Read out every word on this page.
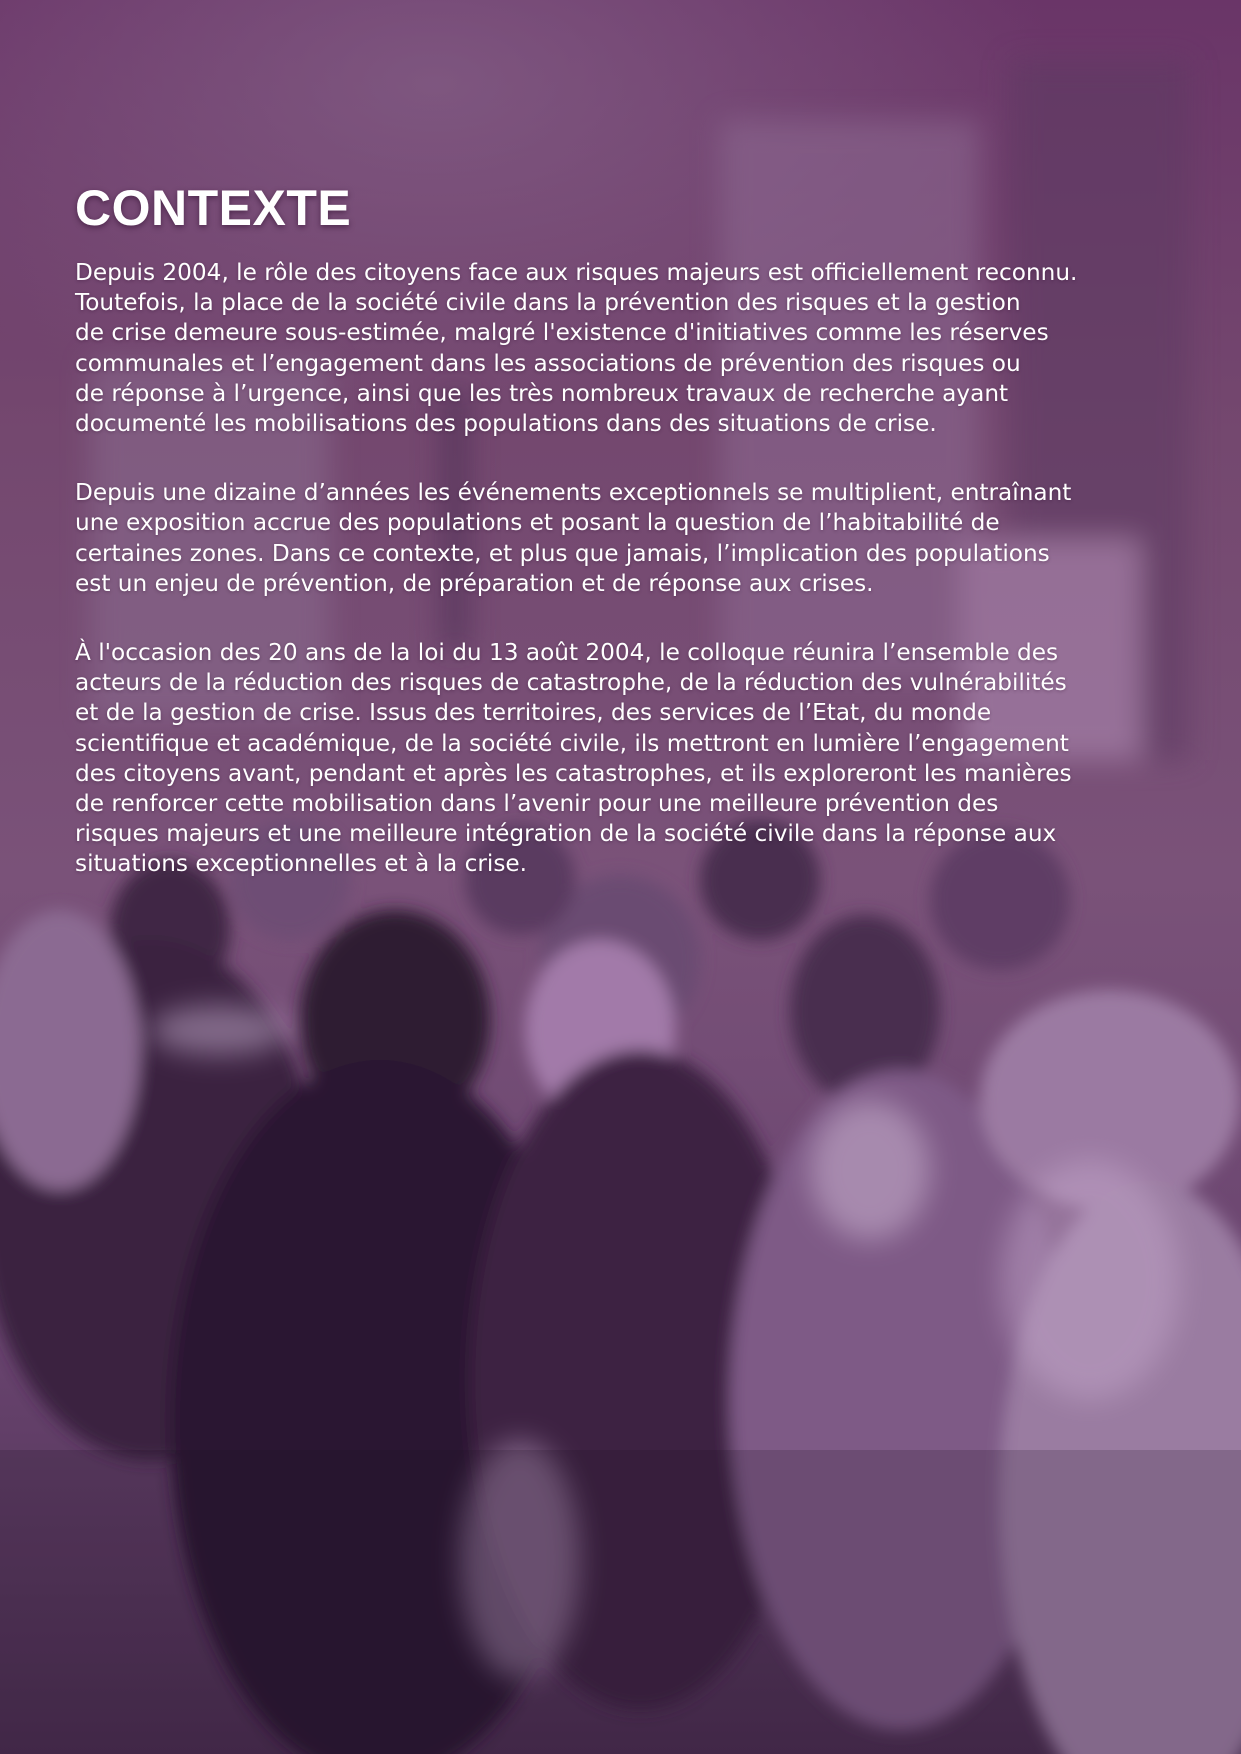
CONTEXTE

Depuis 2004, le rôle des citoyens face aux risques majeurs est officiellement reconnu.
Toutefois, la place de la société civile dans la prévention des risques et la gestion
de crise demeure sous-estimée, malgré l'existence d'initiatives comme les réserves
communales et l’engagement dans les associations de prévention des risques ou
de réponse à l’urgence, ainsi que les très nombreux travaux de recherche ayant
documenté les mobilisations des populations dans des situations de crise.

Depuis une dizaine d’années les événements exceptionnels se multiplient, entraînant
une exposition accrue des populations et posant la question de l’habitabilité de
certaines zones. Dans ce contexte, et plus que jamais, l’implication des populations
est un enjeu de prévention, de préparation et de réponse aux crises.

À l'occasion des 20 ans de la loi du 13 août 2004, le colloque réunira l’ensemble des
acteurs de la réduction des risques de catastrophe, de la réduction des vulnérabilités
et de la gestion de crise. Issus des territoires, des services de l’Etat, du monde
scientifique et académique, de la société civile, ils mettront en lumière l’engagement
des citoyens avant, pendant et après les catastrophes, et ils exploreront les manières
de renforcer cette mobilisation dans l’avenir pour une meilleure prévention des
risques majeurs et une meilleure intégration de la société civile dans la réponse aux
situations exceptionnelles et à la crise.
